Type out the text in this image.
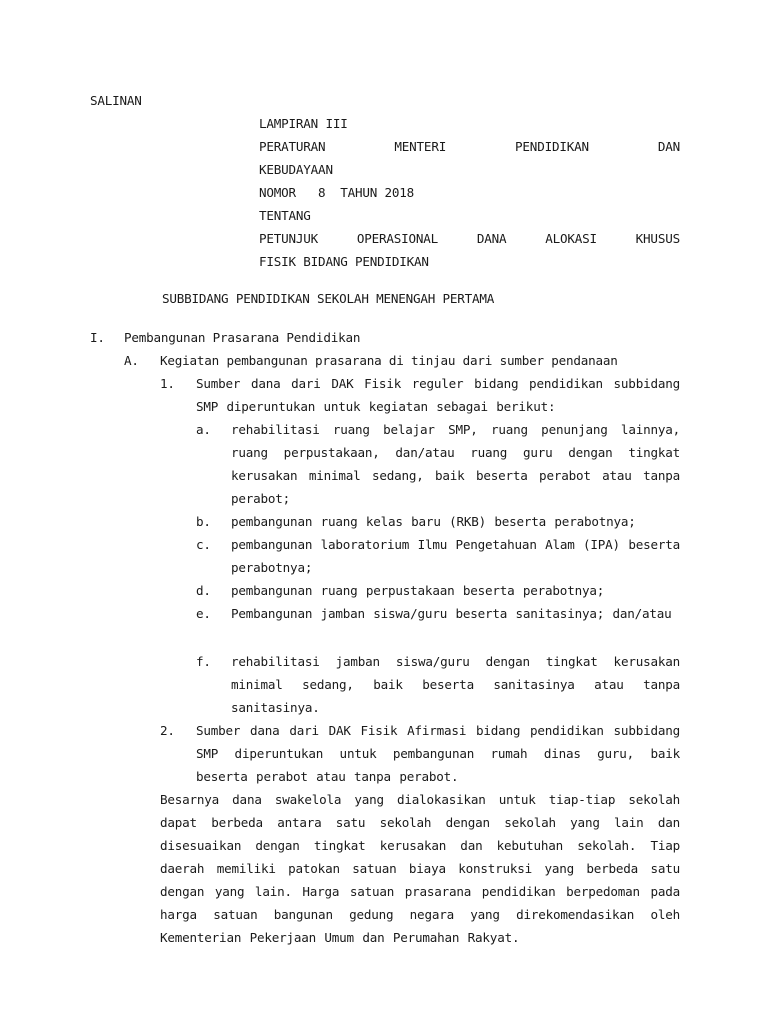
SALINAN
LAMPIRAN III
PERATURAN	MENTERI	PENDIDIKAN	DAN
KEBUDAYAAN
NOMOR   8  TAHUN 2018
TENTANG
PETUNJUK	OPERASIONAL	DANA	ALOKASI	KHUSUS
FISIK BIDANG PENDIDIKAN
SUBBIDANG PENDIDIKAN SEKOLAH MENENGAH PERTAMA
I. Pembangunan Prasarana Pendidikan
A. Kegiatan pembangunan prasarana di tinjau dari sumber pendanaan
1. Sumber dana dari DAK Fisik reguler bidang pendidikan subbidang SMP diperuntukan untuk kegiatan sebagai berikut:
a. rehabilitasi ruang belajar SMP, ruang penunjang lainnya, ruang perpustakaan, dan/atau ruang guru dengan tingkat kerusakan minimal sedang, baik beserta perabot atau tanpa perabot;
b. pembangunan ruang kelas baru (RKB) beserta perabotnya;
c. pembangunan laboratorium Ilmu Pengetahuan Alam (IPA) beserta perabotnya;
d. pembangunan ruang perpustakaan beserta perabotnya;
e. Pembangunan jamban siswa/guru beserta sanitasinya; dan/atau
f. rehabilitasi jamban siswa/guru dengan tingkat kerusakan minimal sedang, baik beserta sanitasinya atau tanpa sanitasinya.
2. Sumber dana dari DAK Fisik Afirmasi bidang pendidikan subbidang SMP diperuntukan untuk pembangunan rumah dinas guru, baik beserta perabot atau tanpa perabot.
Besarnya dana swakelola yang dialokasikan untuk tiap-tiap sekolah dapat berbeda antara satu sekolah dengan sekolah yang lain dan disesuaikan dengan tingkat kerusakan dan kebutuhan sekolah. Tiap daerah memiliki patokan satuan biaya konstruksi yang berbeda satu dengan yang lain. Harga satuan prasarana pendidikan berpedoman pada harga satuan bangunan gedung negara yang direkomendasikan oleh Kementerian Pekerjaan Umum dan Perumahan Rakyat.
